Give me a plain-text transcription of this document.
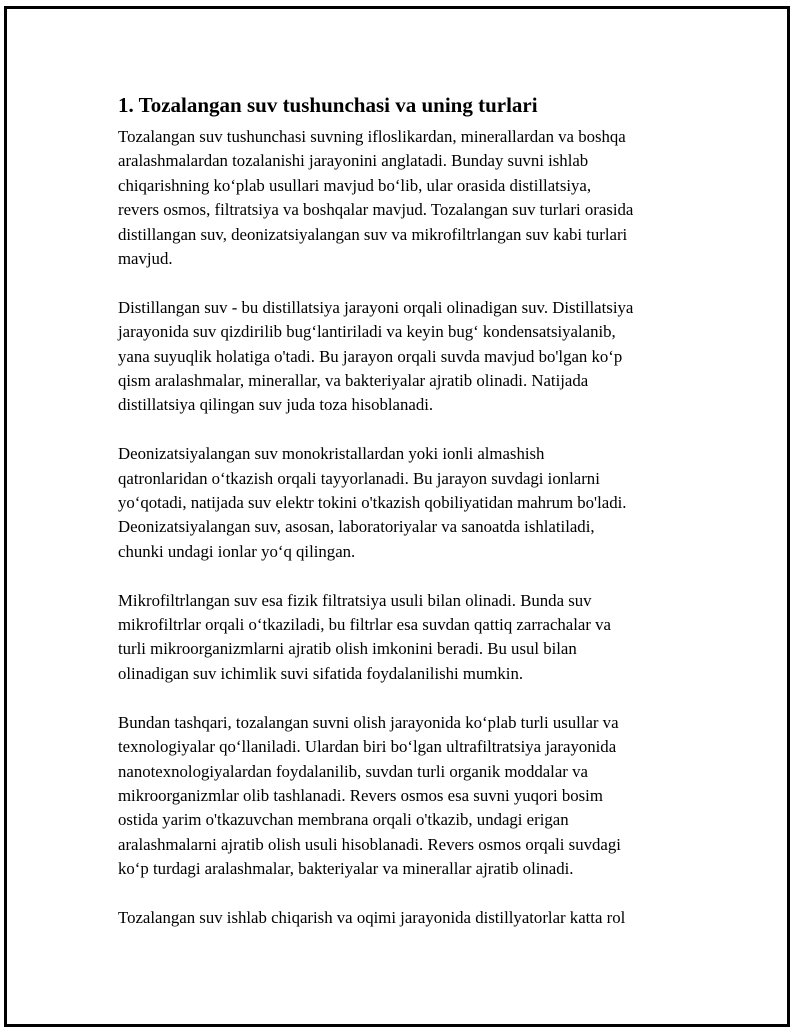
1. Tozalangan suv tushunchasi va uning turlari

Tozalangan suv tushunchasi suvning ifloslikardan, minerallardan va boshqa
aralashmalardan tozalanishi jarayonini anglatadi. Bunday suvni ishlab
chiqarishning ko‘plab usullari mavjud bo‘lib, ular orasida distillatsiya,
revers osmos, filtratsiya va boshqalar mavjud. Tozalangan suv turlari orasida
distillangan suv, deonizatsiyalangan suv va mikrofiltrlangan suv kabi turlari
mavjud.

Distillangan suv - bu distillatsiya jarayoni orqali olinadigan suv. Distillatsiya
jarayonida suv qizdirilib bug‘lantiriladi va keyin bug‘ kondensatsiyalanib,
yana suyuqlik holatiga o'tadi. Bu jarayon orqali suvda mavjud bo'lgan ko‘p
qism aralashmalar, minerallar, va bakteriyalar ajratib olinadi. Natijada
distillatsiya qilingan suv juda toza hisoblanadi.

Deonizatsiyalangan suv monokristallardan yoki ionli almashish
qatronlaridan o‘tkazish orqali tayyorlanadi. Bu jarayon suvdagi ionlarni
yo‘qotadi, natijada suv elektr tokini o'tkazish qobiliyatidan mahrum bo'ladi.
Deonizatsiyalangan suv, asosan, laboratoriyalar va sanoatda ishlatiladi,
chunki undagi ionlar yo‘q qilingan.

Mikrofiltrlangan suv esa fizik filtratsiya usuli bilan olinadi. Bunda suv
mikrofiltrlar orqali o‘tkaziladi, bu filtrlar esa suvdan qattiq zarrachalar va
turli mikroorganizmlarni ajratib olish imkonini beradi. Bu usul bilan
olinadigan suv ichimlik suvi sifatida foydalanilishi mumkin.

Bundan tashqari, tozalangan suvni olish jarayonida ko‘plab turli usullar va
texnologiyalar qo‘llaniladi. Ulardan biri bo‘lgan ultrafiltratsiya jarayonida
nanotexnologiyalardan foydalanilib, suvdan turli organik moddalar va
mikroorganizmlar olib tashlanadi. Revers osmos esa suvni yuqori bosim
ostida yarim o'tkazuvchan membrana orqali o'tkazib, undagi erigan
aralashmalarni ajratib olish usuli hisoblanadi. Revers osmos orqali suvdagi
ko‘p turdagi aralashmalar, bakteriyalar va minerallar ajratib olinadi.

Tozalangan suv ishlab chiqarish va oqimi jarayonida distillyatorlar katta rol
